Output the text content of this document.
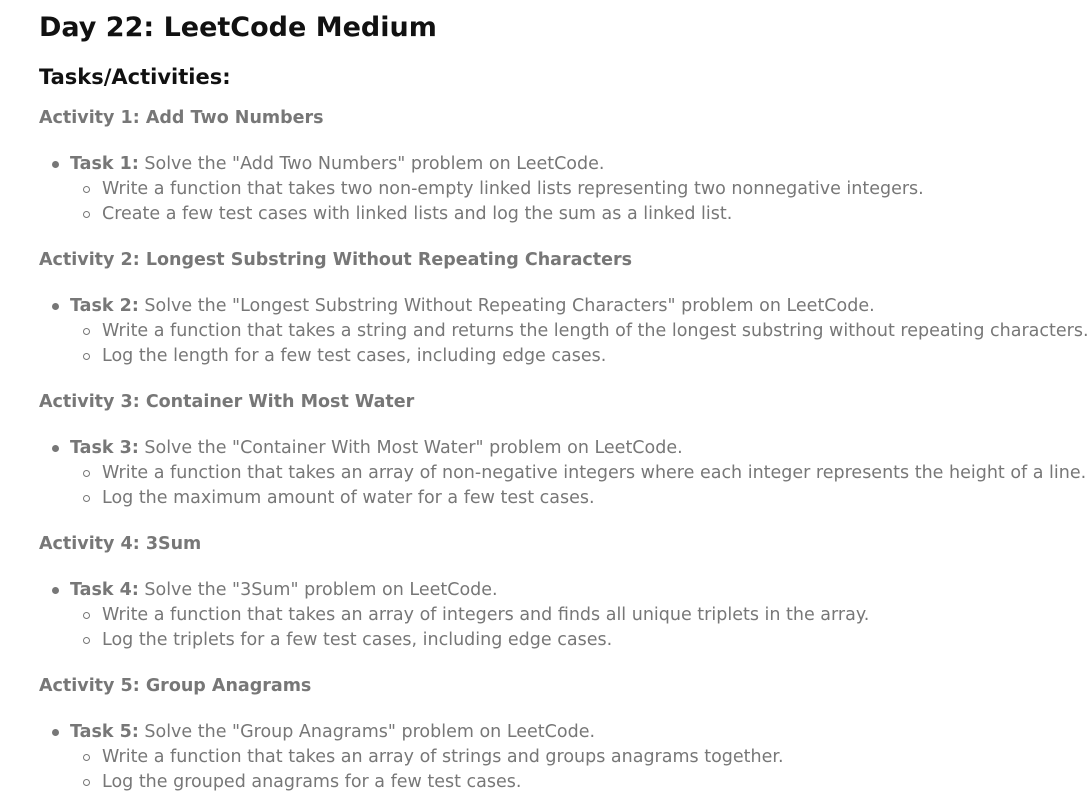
Day 22: LeetCode Medium
Tasks/Activities:
Activity 1: Add Two Numbers
Task 1: Solve the "Add Two Numbers" problem on LeetCode.
Write a function that takes two non-empty linked lists representing two nonnegative integers.
Create a few test cases with linked lists and log the sum as a linked list.
Activity 2: Longest Substring Without Repeating Characters
Task 2: Solve the "Longest Substring Without Repeating Characters" problem on LeetCode.
Write a function that takes a string and returns the length of the longest substring without repeating characters.
Log the length for a few test cases, including edge cases.
Activity 3: Container With Most Water
Task 3: Solve the "Container With Most Water" problem on LeetCode.
Write a function that takes an array of non-negative integers where each integer represents the height of a line.
Log the maximum amount of water for a few test cases.
Activity 4: 3Sum
Task 4: Solve the "3Sum" problem on LeetCode.
Write a function that takes an array of integers and finds all unique triplets in the array.
Log the triplets for a few test cases, including edge cases.
Activity 5: Group Anagrams
Task 5: Solve the "Group Anagrams" problem on LeetCode.
Write a function that takes an array of strings and groups anagrams together.
Log the grouped anagrams for a few test cases.
